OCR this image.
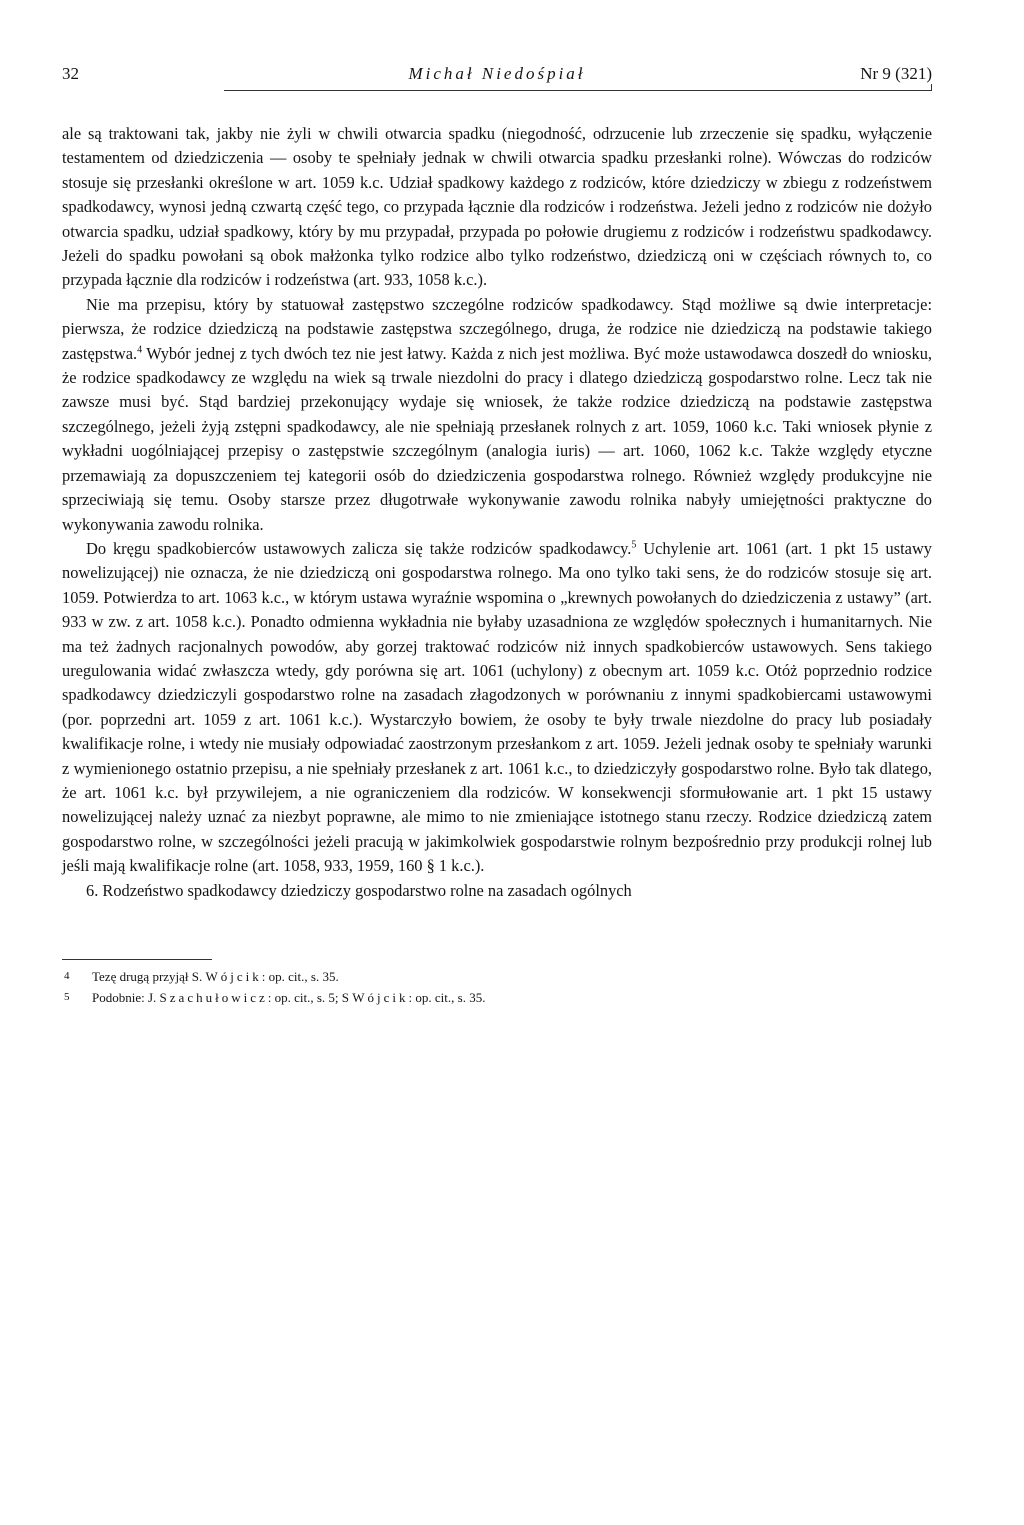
32	Michał Niedośpiał	Nr 9 (321)

ale są traktowani tak, jakby nie żyli w chwili otwarcia spadku (niegodność, odrzucenie lub zrzeczenie się spadku, wyłączenie testamentem od dziedziczenia — osoby te spełniały jednak w chwili otwarcia spadku przesłanki rolne). Wówczas do rodziców stosuje się przesłanki określone w art. 1059 k.c. Udział spadkowy każdego z rodziców, które dziedziczy w zbiegu z rodzeństwem spadkodawcy, wynosi jedną czwartą część tego, co przypada łącznie dla rodziców i rodzeństwa. Jeżeli jedno z rodziców nie dożyło otwarcia spadku, udział spadkowy, który by mu przypadał, przypada po połowie drugiemu z rodziców i rodzeństwu spadkodawcy. Jeżeli do spadku powołani są obok małżonka tylko rodzice albo tylko rodzeństwo, dziedziczą oni w częściach równych to, co przypada łącznie dla rodziców i rodzeństwa (art. 933, 1058 k.c.).

Nie ma przepisu, który by statuował zastępstwo szczególne rodziców spadkodawcy. Stąd możliwe są dwie interpretacje: pierwsza, że rodzice dziedziczą na podstawie zastępstwa szczególnego, druga, że rodzice nie dziedziczą na podstawie takiego zastępstwa.$^4$ Wybór jednej z tych dwóch tez nie jest łatwy. Każda z nich jest możliwa. Być może ustawodawca doszedł do wniosku, że rodzice spadkodawcy ze względu na wiek są trwale niezdolni do pracy i dlatego dziedziczą gospodarstwo rolne. Lecz tak nie zawsze musi być. Stąd bardziej przekonujący wydaje się wniosek, że także rodzice dziedziczą na podstawie zastępstwa szczególnego, jeżeli żyją zstępni spadkodawcy, ale nie spełniają przesłanek rolnych z art. 1059, 1060 k.c. Taki wniosek płynie z wykładni uogólniającej przepisy o zastępstwie szczególnym (analogia iuris) — art. 1060, 1062 k.c. Także względy etyczne przemawiają za dopuszczeniem tej kategorii osób do dziedziczenia gospodarstwa rolnego. Również względy produkcyjne nie sprzeciwiają się temu. Osoby starsze przez długotrwałe wykonywanie zawodu rolnika nabyły umiejętności praktyczne do wykonywania zawodu rolnika.

Do kręgu spadkobierców ustawowych zalicza się także rodziców spadkodawcy.$^5$ Uchylenie art. 1061 (art. 1 pkt 15 ustawy nowelizującej) nie oznacza, że nie dziedziczą oni gospodarstwa rolnego. Ma ono tylko taki sens, że do rodziców stosuje się art. 1059. Potwierdza to art. 1063 k.c., w którym ustawa wyraźnie wspomina o „krewnych powołanych do dziedziczenia z ustawy” (art. 933 w zw. z art. 1058 k.c.). Ponadto odmienna wykładnia nie byłaby uzasadniona ze względów społecznych i humanitarnych. Nie ma też żadnych racjonalnych powodów, aby gorzej traktować rodziców niż innych spadkobierców ustawowych. Sens takiego uregulowania widać zwłaszcza wtedy, gdy porówna się art. 1061 (uchylony) z obecnym art. 1059 k.c. Otóż poprzednio rodzice spadkodawcy dziedziczyli gospodarstwo rolne na zasadach złagodzonych w porównaniu z innymi spadkobiercami ustawowymi (por. poprzedni art. 1059 z art. 1061 k.c.). Wystarczyło bowiem, że osoby te były trwale niezdolne do pracy lub posiadały kwalifikacje rolne, i wtedy nie musiały odpowiadać zaostrzonym przesłankom z art. 1059. Jeżeli jednak osoby te spełniały warunki z wymienionego ostatnio przepisu, a nie spełniały przesłanek z art. 1061 k.c., to dziedziczyły gospodarstwo rolne. Było tak dlatego, że art. 1061 k.c. był przywilejem, a nie ograniczeniem dla rodziców. W konsekwencji sformułowanie art. 1 pkt 15 ustawy nowelizującej należy uznać za niezbyt poprawne, ale mimo to nie zmieniające istotnego stanu rzeczy. Rodzice dziedziczą zatem gospodarstwo rolne, w szczególności jeżeli pracują w jakimkolwiek gospodarstwie rolnym bezpośrednio przy produkcji rolnej lub jeśli mają kwalifikacje rolne (art. 1058, 933, 1959, 160 § 1 k.c.).

6. Rodzeństwo spadkodawcy dziedziczy gospodarstwo rolne na zasadach ogólnych

4	Tezę drugą przyjął S. Wójcik: op. cit., s. 35.
5	Podobnie: J. Szachułowicz: op. cit., s. 5; S Wójcik: op. cit., s. 35.
